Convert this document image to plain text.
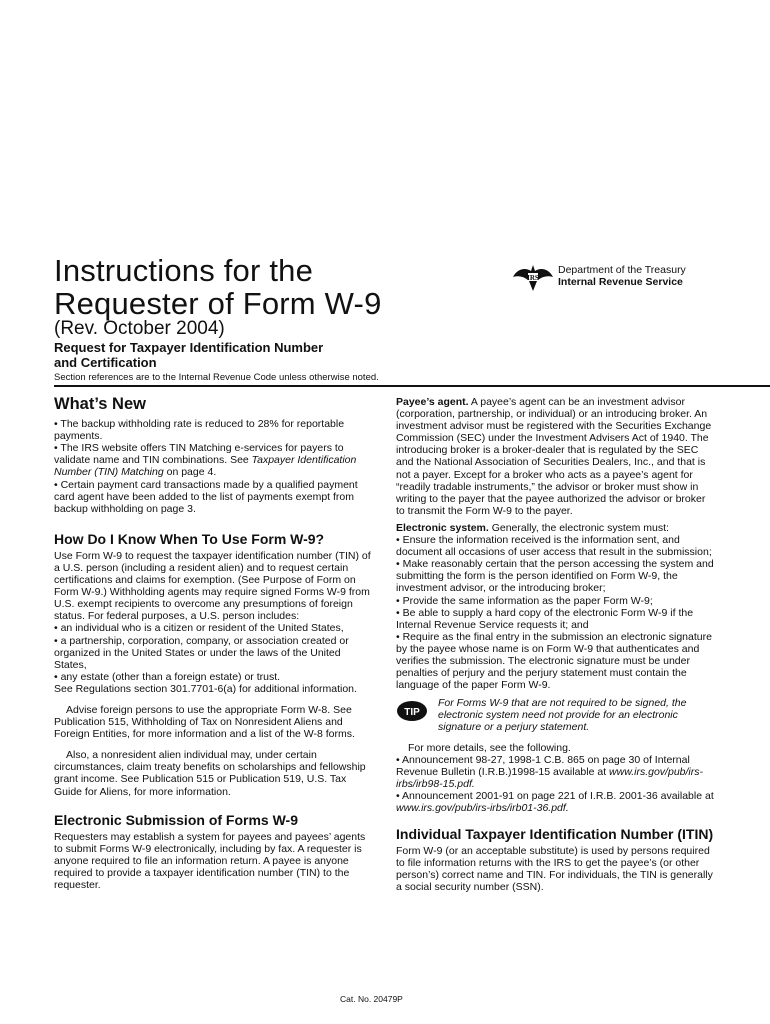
Instructions for the
Requester of Form W-9
(Rev. October 2004)
Request for Taxpayer Identification Number
and Certification
Section references are to the Internal Revenue Code unless otherwise noted.
IRS
Department of the Treasury
Internal Revenue Service
What’s New

• The backup withholding rate is reduced to 28% for reportable payments.

• The IRS website offers TIN Matching e-services for payers to validate name and TIN combinations. See Taxpayer Identification Number (TIN) Matching on page 4.

• Certain payment card transactions made by a qualified payment card agent have been added to the list of payments exempt from backup withholding on page 3.

How Do I Know When To Use Form W-9?

Use Form W-9 to request the taxpayer identification number (TIN) of a U.S. person (including a resident alien) and to request certain certifications and claims for exemption. (See Purpose of Form on Form W-9.) Withholding agents may require signed Forms W-9 from U.S. exempt recipients to overcome any presumptions of foreign status. For federal purposes, a U.S. person includes:

• an individual who is a citizen or resident of the United States,

• a partnership, corporation, company, or association created or organized in the United States or under the laws of the United States,

• any estate (other than a foreign estate) or trust.

See Regulations section 301.7701-6(a) for additional information.

Advise foreign persons to use the appropriate Form W-8. See Publication 515, Withholding of Tax on Nonresident Aliens and Foreign Entities, for more information and a list of the W-8 forms.

Also, a nonresident alien individual may, under certain circumstances, claim treaty benefits on scholarships and fellowship grant income. See Publication 515 or Publication 519, U.S. Tax Guide for Aliens, for more information.

Electronic Submission of Forms W-9

Requesters may establish a system for payees and payees’ agents to submit Forms W-9 electronically, including by fax. A requester is anyone required to file an information return. A payee is anyone required to provide a taxpayer identification number (TIN) to the requester.

Payee’s agent. A payee’s agent can be an investment advisor (corporation, partnership, or individual) or an introducing broker. An investment advisor must be registered with the Securities Exchange Commission (SEC) under the Investment Advisers Act of 1940. The introducing broker is a broker-dealer that is regulated by the SEC and the National Association of Securities Dealers, Inc., and that is not a payer. Except for a broker who acts as a payee’s agent for “readily tradable instruments,” the advisor or broker must show in writing to the payer that the payee authorized the advisor or broker to transmit the Form W-9 to the payer.

Electronic system. Generally, the electronic system must:

• Ensure the information received is the information sent, and document all occasions of user access that result in the submission;

• Make reasonably certain that the person accessing the system and submitting the form is the person identified on Form W-9, the investment advisor, or the introducing broker;

• Provide the same information as the paper Form W-9;

• Be able to supply a hard copy of the electronic Form W-9 if the Internal Revenue Service requests it; and

• Require as the final entry in the submission an electronic signature by the payee whose name is on Form W-9 that authenticates and verifies the submission. The electronic signature must be under penalties of perjury and the perjury statement must contain the language of the paper Form W-9.

TIP
For Forms W-9 that are not required to be signed, the electronic system need not provide for an electronic signature or a perjury statement.

For more details, see the following.

• Announcement 98-27, 1998-1 C.B. 865 on page 30 of Internal Revenue Bulletin (I.R.B.)1998-15 available at www.irs.gov/pub/irs-irbs/irb98-15.pdf.

• Announcement 2001-91 on page 221 of I.R.B. 2001-36 available at www.irs.gov/pub/irs-irbs/irb01-36.pdf.

Individual Taxpayer Identification Number (ITIN)

Form W-9 (or an acceptable substitute) is used by persons required to file information returns with the IRS to get the payee’s (or other person’s) correct name and TIN. For individuals, the TIN is generally a social security number (SSN).

Cat. No. 20479P
